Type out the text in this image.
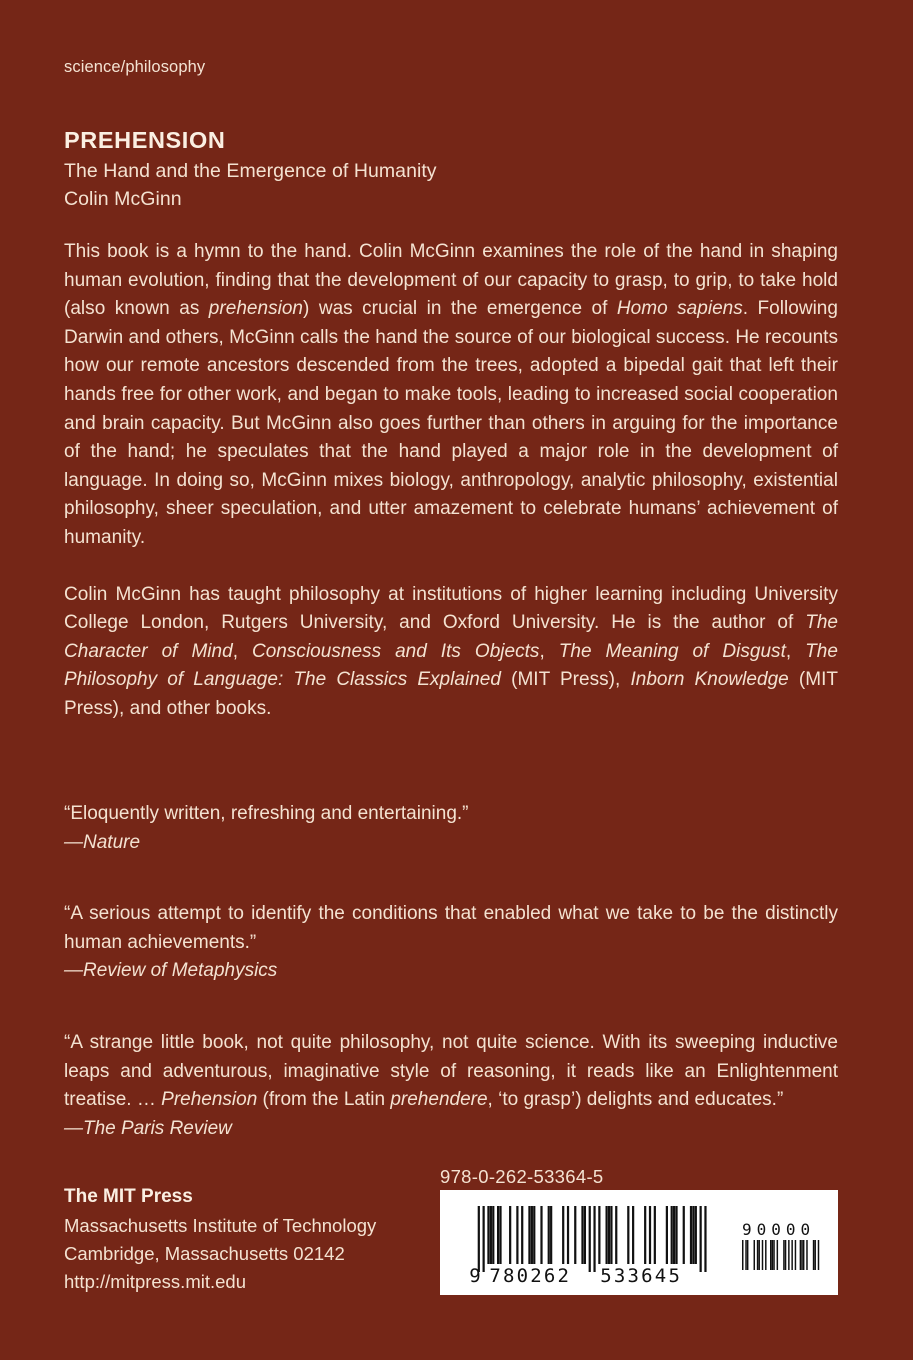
science/philosophy
PREHENSION
The Hand and the Emergence of Humanity
Colin McGinn

This book is a hymn to the hand. Colin McGinn examines the role of the hand in shaping human evolution, finding that the development of our capacity to grasp, to grip, to take hold (also known as prehension) was crucial in the emergence of Homo sapiens. Following Darwin and others, McGinn calls the hand the source of our biological success. He recounts how our remote ancestors descended from the trees, adopted a bipedal gait that left their hands free for other work, and began to make tools, leading to increased social cooperation and brain capacity. But McGinn also goes further than others in arguing for the importance of the hand; he speculates that the hand played a major role in the development of language. In doing so, McGinn mixes biology, anthropology, analytic philosophy, existential philosophy, sheer speculation, and utter amazement to celebrate humans’ achievement of humanity.

Colin McGinn has taught philosophy at institutions of higher learning including University College London, Rutgers University, and Oxford University. He is the author of The Character of Mind, Consciousness and Its Objects, The Meaning of Disgust, The Philosophy of Language: The Classics Explained (MIT Press), Inborn Knowledge (MIT Press), and other books.

“Eloquently written, refreshing and entertaining.”
—Nature
“A serious attempt to identify the conditions that enabled what we take to be the distinctly human achievements.”
—Review of Metaphysics
“A strange little book, not quite philosophy, not quite science. With its sweeping inductive leaps and adventurous, imaginative style of reasoning, it reads like an Enlightenment treatise. … Prehension (from the Latin prehendere, ‘to grasp’) delights and educates.”
—The Paris Review
The MIT Press
Massachusetts Institute of Technology
Cambridge, Massachusetts 02142
http://mitpress.mit.edu
978-0-262-53364-5
9 780262 533645
90000
